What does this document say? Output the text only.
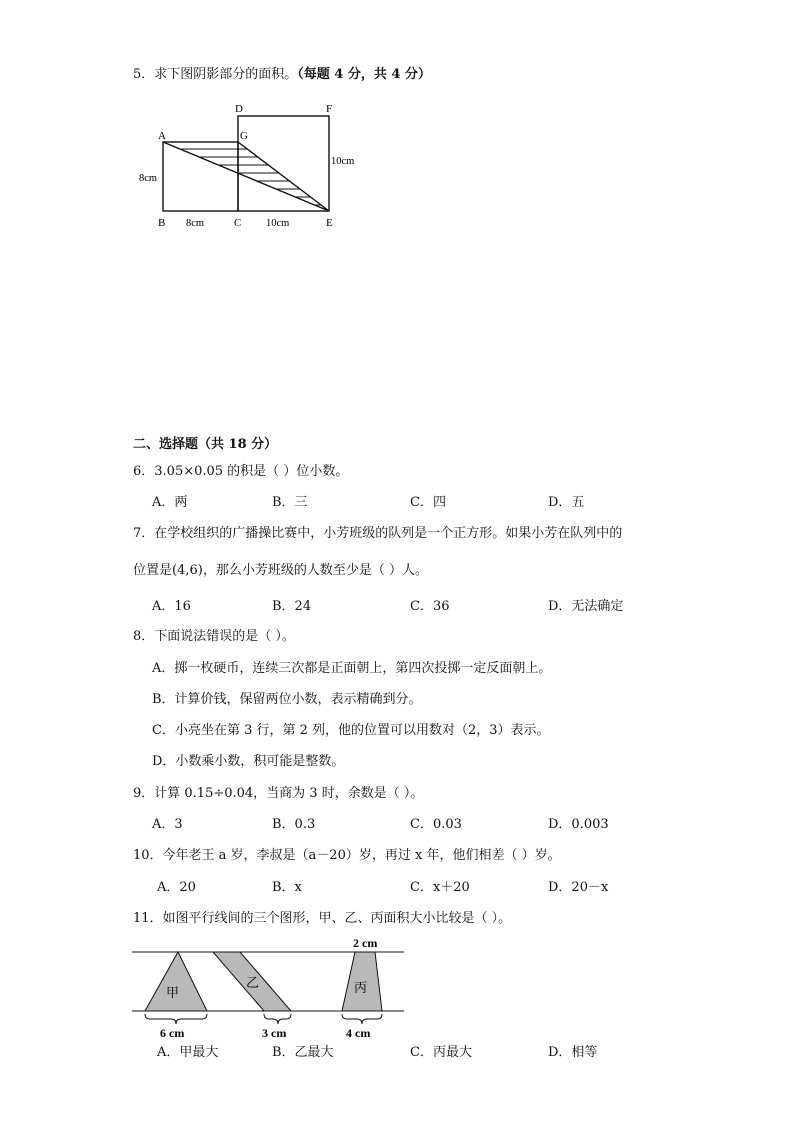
5．求下图阴影部分的面积。（每题 4 分，共 4 分）
A
B	C
D
E
F
G
8cm
8cm	10cm
10cm
二、选择题（共 18 分）
6．3.05×0.05 的积是（ ）位小数。
A．两	B．三	C．四	D．五
7．在学校组织的广播操比赛中，小芳班级的队列是一个正方形。如果小芳在队列中的
位置是(4,6)，那么小芳班级的人数至少是（ ）人。
A．16	B．24	C．36	D．无法确定
8．下面说法错误的是（ ）。
A．掷一枚硬币，连续三次都是正面朝上，第四次投掷一定反面朝上。
B．计算价钱，保留两位小数，表示精确到分。
C．小亮坐在第 3 行，第 2 列，他的位置可以用数对（2，3）表示。
D．小数乘小数，积可能是整数。
9．计算 0.15÷0.04，当商为 3 时，余数是（ ）。
A．3	B．0.3	C．0.03	D．0.003
10．今年老王 a 岁，李叔是（a－20）岁，再过 x 年，他们相差（ ）岁。
A．20	B．x	C．x＋20	D．20－x
11．如图平行线间的三个图形，甲、乙、丙面积大小比较是（ ）。
甲
乙	丙
2 cm
6 cm	3 cm	4 cm
A．甲最大	B．乙最大	C．丙最大	D．相等
